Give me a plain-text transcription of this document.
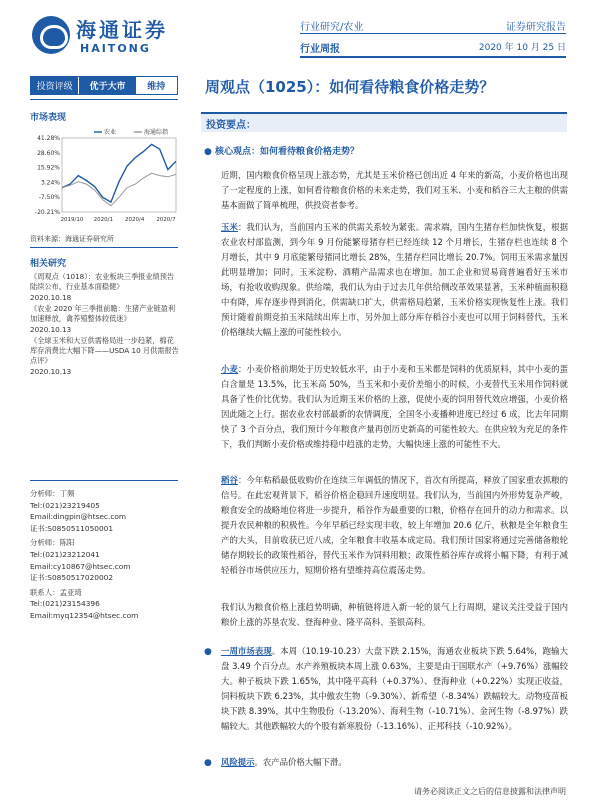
海通证券
HAITONG
行业研究/农业	证券研究报告
行业周报	2020 年 10 月 25 日
投资评级	优于大市	维持	周观点（1025）：如何看待粮食价格走势？
市场表现
41.28%
28.60%
15.92%
3.24%
-7.50%
-20.21%
2019/10 2020/1 2020/4 2020/7
农业	海通综指
资料来源：海通证券研究所
相关研究
《周观点（1018）：农业板块三季报业绩预告陆续公布，行业基本面稳健》
2020.10.18
《农业 2020 年三季报前瞻：生猪产业链盈利加速释放，禽养殖整体较低迷》
2020.10.13
《全球玉米和大豆供需格局进一步趋紧，棉花库存消费比大幅下降——USDA 10 月供需报告点评》
2020.10.13
分析师：丁频
Tel:(021)23219405
Email:dingpin@htsec.com
证书:S0850511050001
分析师：陈阳
Tel:(021)23212041
Email:cy10867@htsec.com
证书:S0850517020002
联系人：孟亚琦
Tel:(021)23154396
Email:myq12354@htsec.com
投资要点：
● 核心观点：如何看待粮食价格走势？
近期，国内粮食价格呈现上涨态势，尤其是玉米价格已创出近 4 年来的新高，小麦价格也出现了一定程度的上涨，如何看待粮食价格的未来走势，我们对玉米、小麦和稻谷三大主粮的供需基本面做了简单梳理，供投资者参考。
玉米：我们认为，当前国内玉米的供需关系较为紧张。需求端，国内生猪存栏加快恢复，根据农业农村部监测，到今年 9 月份能繁母猪存栏已经连续 12 个月增长，生猪存栏也连续 8 个月增长，其中 9 月底能繁母猪同比增长 28%，生猪存栏同比增长 20.7%。饲用玉米需求量因此明显增加；同时，玉米淀粉、酒精产品需求也在增加。加工企业和贸易商普遍看好玉米市场，有抢收收购现象。供给端，我们认为由于过去几年供给侧改革效果显著，玉米种植面积稳中有降，库存逐步得到消化，供需缺口扩大，供需格局趋紧，玉米价格实现恢复性上涨。我们预计随着前期竞拍玉米陆续出库上市，另外加上部分库存稻谷小麦也可以用于饲料替代，玉米价格继续大幅上涨的可能性较小。
小麦：小麦价格前期处于历史较低水平，由于小麦和玉米都是饲料的优质原料，其中小麦的蛋白含量是 13.5%，比玉米高 50%，当玉米和小麦价差缩小的时候，小麦替代玉米用作饲料就具备了性价比优势。我们认为近期玉米价格的上涨，促使小麦的饲用替代效应增强，小麦价格因此随之上行。据农业农村部最新的农情调度，全国冬小麦播种进度已经过 6 成，比去年同期快了 3 个百分点，我们预计今年粮食产量再创历史新高的可能性较大。在供应较为充足的条件下，我们判断小麦价格或维持稳中趋涨的走势，大幅快速上涨的可能性不大。
稻谷：今年粘稻最低收购价在连续三年调低的情况下，首次有所提高，释放了国家重农抓粮的信号。在此宏观背景下，稻谷价格企稳回升速度明显。我们认为，当前国内外形势复杂严峻，粮食安全的战略地位将进一步提升，稻谷作为最重要的口粮，价格存在回升的动力和需求。以提升农民种粮的积极性。今年早稻已经实现丰收，较上年增加 20.6 亿斤，秋粮是全年粮食生产的大头，目前收获已近八成，全年粮食丰收基本成定局。我们预计国家将通过完善储备粮轮储存期较长的政策性稻谷，替代玉米作为饲料用粮；政策性稻谷库存或将小幅下降，有利于减轻稻谷市场供应压力，短期价格有望维持高位震荡走势。
我们认为粮食价格上涨趋势明确，种植链将进入新一轮的景气上行周期，建议关注受益于国内粮价上涨的苏垦农发、登海种业、隆平高科、荃银高科。
● 一周市场表现。本周（10.19-10.23）大盘下跌 2.15%，海通农业板块下跌 5.64%，跑输大盘 3.49 个百分点。水产养殖板块本周上涨 0.63%，主要是由于国联水产（+9.76%）涨幅较大。种子板块下跌 1.65%，其中隆平高科（+0.37%）、登海种业（+0.22%）实现正收益，饲料板块下跌 6.23%，其中傲农生物（-9.30%）、新希望（-8.34%）跌幅较大。动物疫苗板块下跌 8.39%，其中生物股份（-13.20%）、海利生物（-10.71%）、金河生物（-8.97%）跌幅较大。其他跌幅较大的个股有新寒股份（-13.16%）、正邦科技（-10.92%）。
● 风险提示。农产品价格大幅下滑。
请务必阅读正文之后的信息披露和法律声明
